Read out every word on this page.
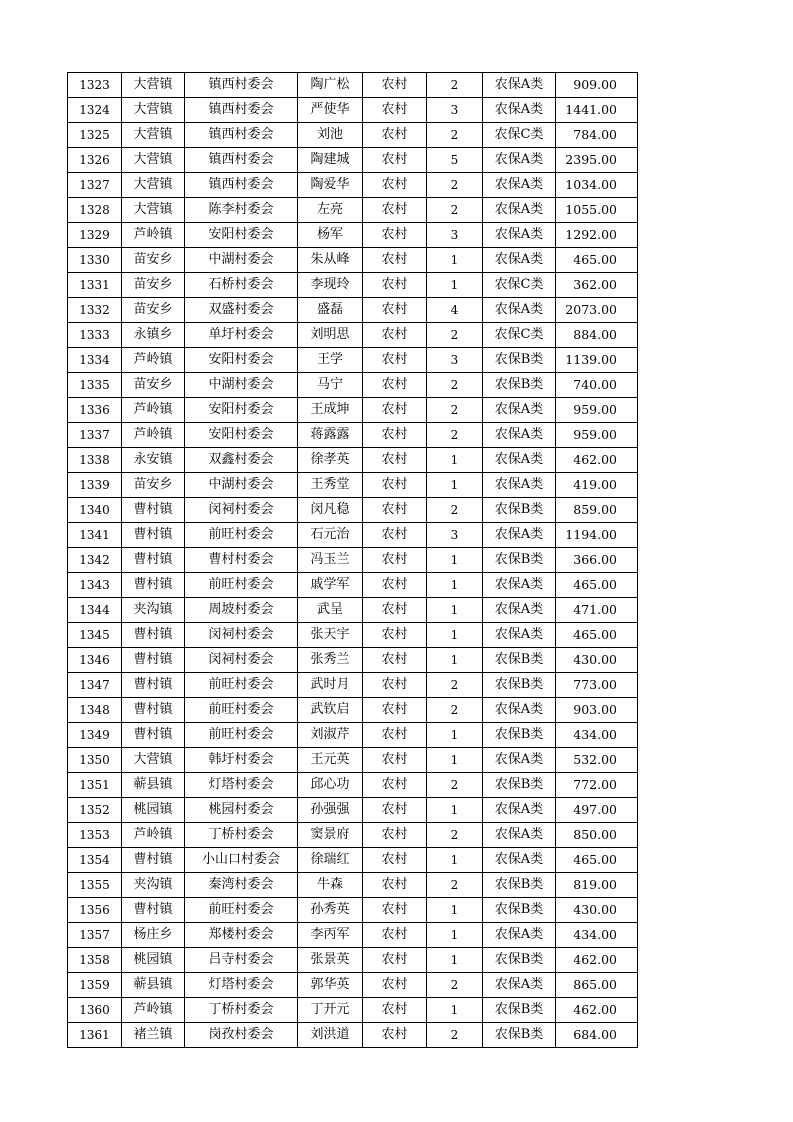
1323	大营镇	镇西村委会	陶广松	农村	2	农保A类	909.00
1324	大营镇	镇西村委会	严使华	农村	3	农保A类	1441.00
1325	大营镇	镇西村委会	刘池	农村	2	农保C类	784.00
1326	大营镇	镇西村委会	陶建城	农村	5	农保A类	2395.00
1327	大营镇	镇西村委会	陶爱华	农村	2	农保A类	1034.00
1328	大营镇	陈李村委会	左亮	农村	2	农保A类	1055.00
1329	芦岭镇	安阳村委会	杨军	农村	3	农保A类	1292.00
1330	苗安乡	中湖村委会	朱从峰	农村	1	农保A类	465.00
1331	苗安乡	石桥村委会	李现玲	农村	1	农保C类	362.00
1332	苗安乡	双盛村委会	盛磊	农村	4	农保A类	2073.00
1333	永镇乡	单圩村委会	刘明思	农村	2	农保C类	884.00
1334	芦岭镇	安阳村委会	王学	农村	3	农保B类	1139.00
1335	苗安乡	中湖村委会	马宁	农村	2	农保B类	740.00
1336	芦岭镇	安阳村委会	王成坤	农村	2	农保A类	959.00
1337	芦岭镇	安阳村委会	蒋露露	农村	2	农保A类	959.00
1338	永安镇	双鑫村委会	徐孝英	农村	1	农保A类	462.00
1339	苗安乡	中湖村委会	王秀堂	农村	1	农保A类	419.00
1340	曹村镇	闵祠村委会	闵凡稳	农村	2	农保B类	859.00
1341	曹村镇	前旺村委会	石元治	农村	3	农保A类	1194.00
1342	曹村镇	曹村村委会	冯玉兰	农村	1	农保B类	366.00
1343	曹村镇	前旺村委会	戚学军	农村	1	农保A类	465.00
1344	夹沟镇	周坡村委会	武呈	农村	1	农保A类	471.00
1345	曹村镇	闵祠村委会	张天宇	农村	1	农保A类	465.00
1346	曹村镇	闵祠村委会	张秀兰	农村	1	农保B类	430.00
1347	曹村镇	前旺村委会	武时月	农村	2	农保B类	773.00
1348	曹村镇	前旺村委会	武钦启	农村	2	农保A类	903.00
1349	曹村镇	前旺村委会	刘淑芹	农村	1	农保B类	434.00
1350	大营镇	韩圩村委会	王元英	农村	1	农保A类	532.00
1351	蕲县镇	灯塔村委会	邱心功	农村	2	农保B类	772.00
1352	桃园镇	桃园村委会	孙强强	农村	1	农保A类	497.00
1353	芦岭镇	丁桥村委会	窦景府	农村	2	农保A类	850.00
1354	曹村镇	小山口村委会	徐瑞红	农村	1	农保A类	465.00
1355	夹沟镇	秦湾村委会	牛森	农村	2	农保B类	819.00
1356	曹村镇	前旺村委会	孙秀英	农村	1	农保B类	430.00
1357	杨庄乡	郑楼村委会	李丙军	农村	1	农保A类	434.00
1358	桃园镇	吕寺村委会	张景英	农村	1	农保B类	462.00
1359	蕲县镇	灯塔村委会	郭华英	农村	2	农保A类	865.00
1360	芦岭镇	丁桥村委会	丁开元	农村	1	农保B类	462.00
1361	褚兰镇	岗孜村委会	刘洪道	农村	2	农保B类	684.00
